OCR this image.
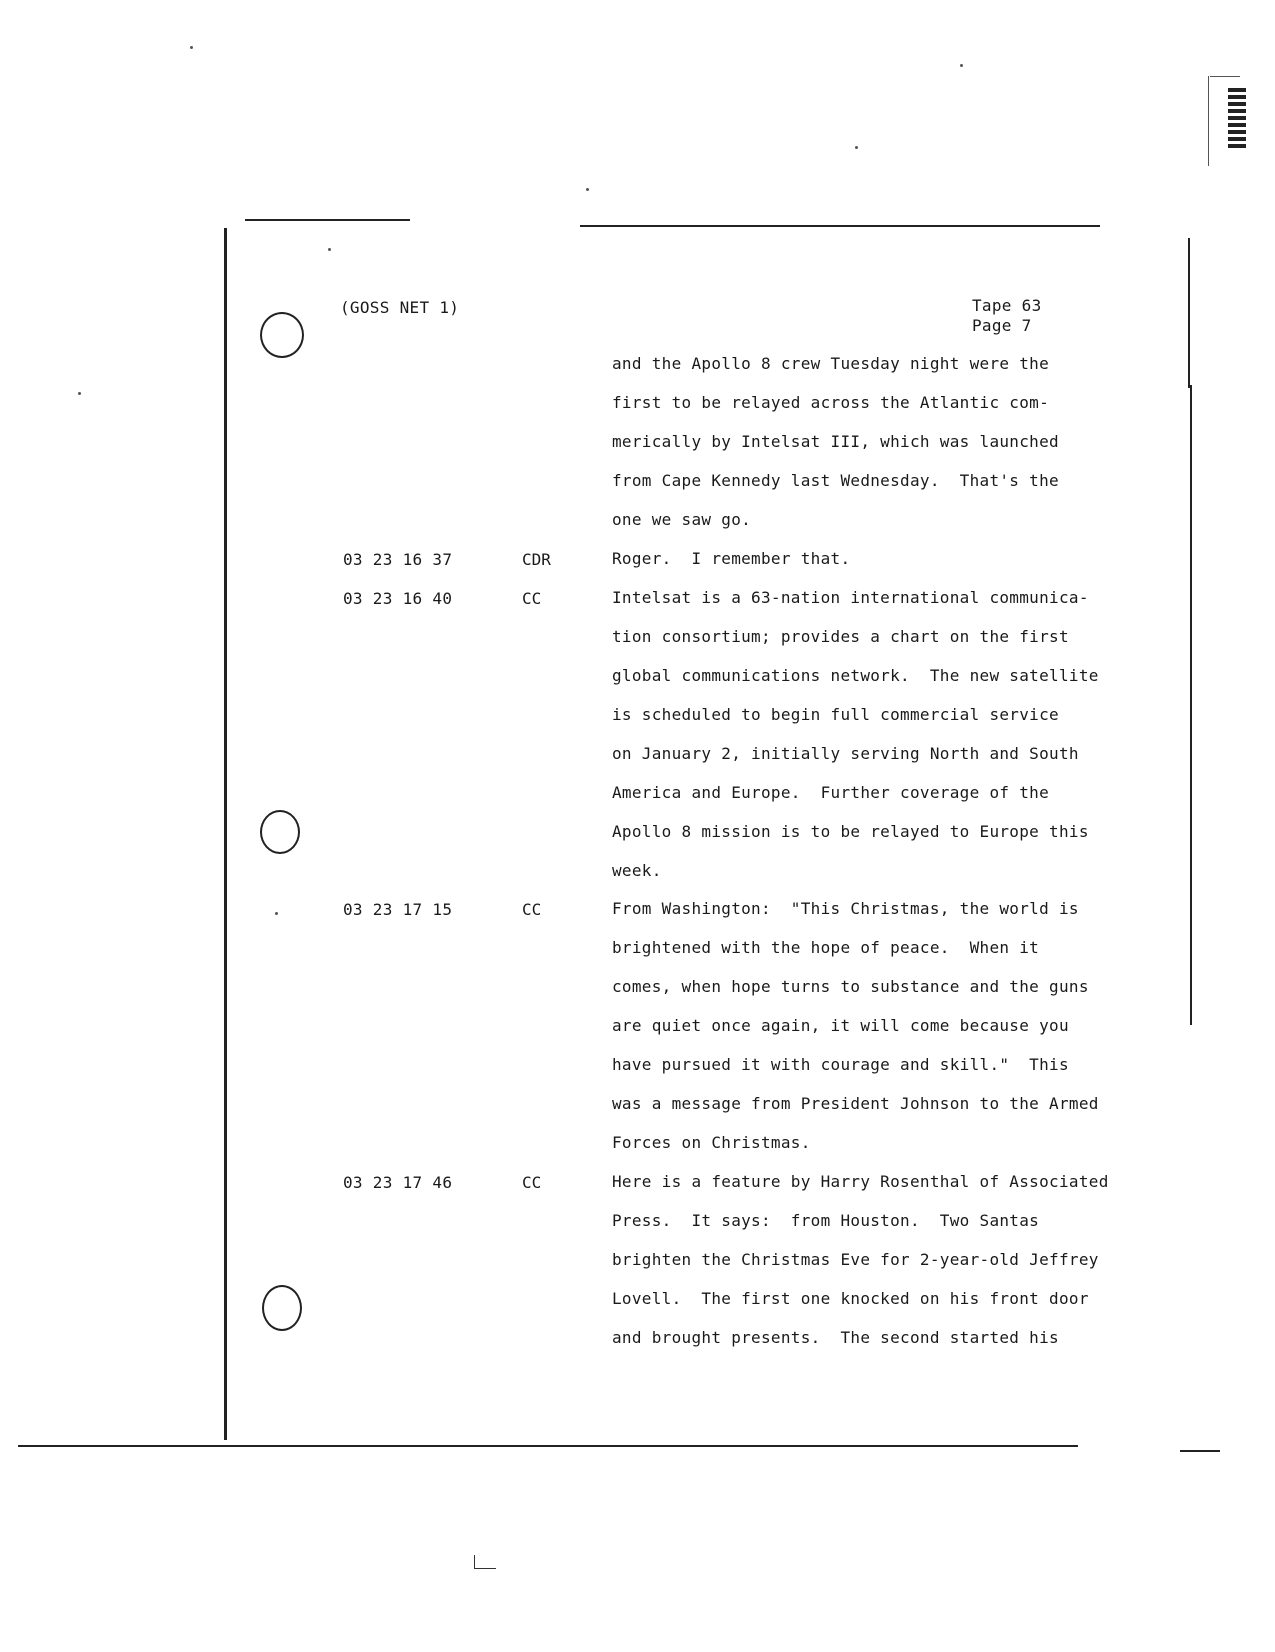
(GOSS NET 1)	Tape 63
Page 7
and the Apollo 8 crew Tuesday night were the
first to be relayed across the Atlantic com-
merically by Intelsat III, which was launched
from Cape Kennedy last Wednesday.  That's the
one we saw go.
03 23 16 37	CDR	Roger.  I remember that.
03 23 16 40	CC	Intelsat is a 63-nation international communica-
tion consortium; provides a chart on the first
global communications network.  The new satellite
is scheduled to begin full commercial service
on January 2, initially serving North and South
America and Europe.  Further coverage of the
Apollo 8 mission is to be relayed to Europe this
week.
03 23 17 15	CC	From Washington:  "This Christmas, the world is
brightened with the hope of peace.  When it
comes, when hope turns to substance and the guns
are quiet once again, it will come because you
have pursued it with courage and skill."  This
was a message from President Johnson to the Armed
Forces on Christmas.
03 23 17 46	CC	Here is a feature by Harry Rosenthal of Associated
Press.  It says:  from Houston.  Two Santas
brighten the Christmas Eve for 2-year-old Jeffrey
Lovell.  The first one knocked on his front door
and brought presents.  The second started his
